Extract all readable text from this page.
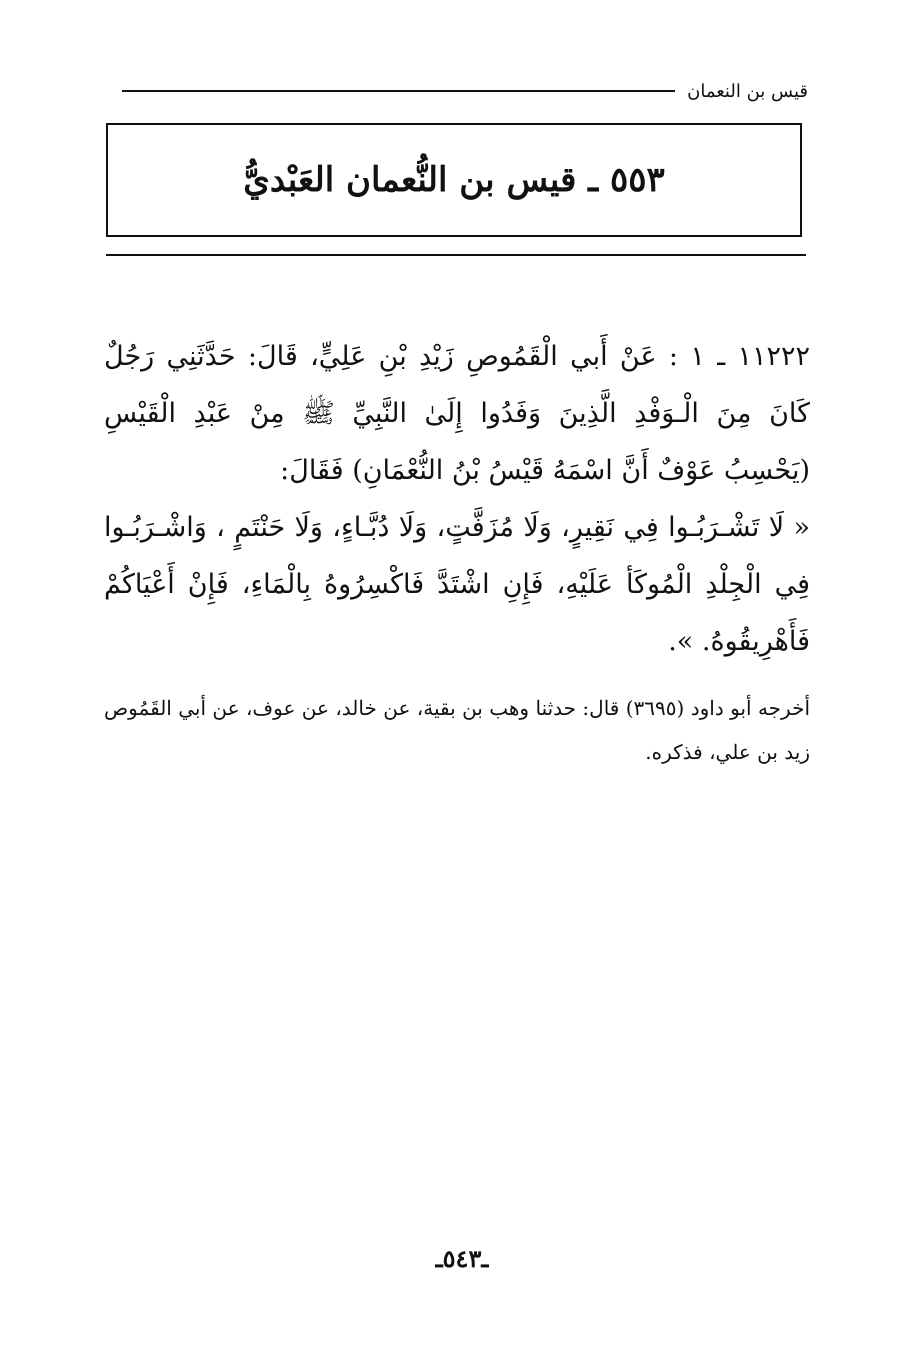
قيس بن النعمان
٥٥٣ ـ قيس بن النُّعمان العَبْديُّ

١١٢٢٢ ـ ١ : عَنْ أَبي الْقَمُوصِ زَيْدِ بْنِ عَلِيٍّ، قَالَ: حَدَّثَنِي رَجُلٌ كَانَ مِنَ الْـوَفْدِ الَّذِينَ وَفَدُوا إِلَىٰ النَّبِيِّ ﷺ مِنْ عَبْدِ الْقَيْسِ (يَحْسِبُ عَوْفٌ أَنَّ اسْمَهُ قَيْسُ بْنُ النُّعْمَانِ) فَقَالَ:

« لَا تَشْـرَبُـوا فِي نَقِيرٍ، وَلَا مُزَفَّتٍ، وَلَا دُبَّـاءٍ، وَلَا حَنْتَمٍ ، وَاشْـرَبُـوا فِي الْجِلْدِ الْمُوكَأ عَلَيْهِ، فَإِنِ اشْتَدَّ فَاكْسِرُوهُ بِالْمَاءِ، فَإِنْ أَعْيَاكُمْ فَأَهْرِيقُوهُ. ».

أخرجه أبو داود (٣٦٩٥) قال: حدثنا وهب بن بقية، عن خالد، عن عوف، عن أبي القَمُوص زيد بن علي، فذكره.

ـ٥٤٣ـ
